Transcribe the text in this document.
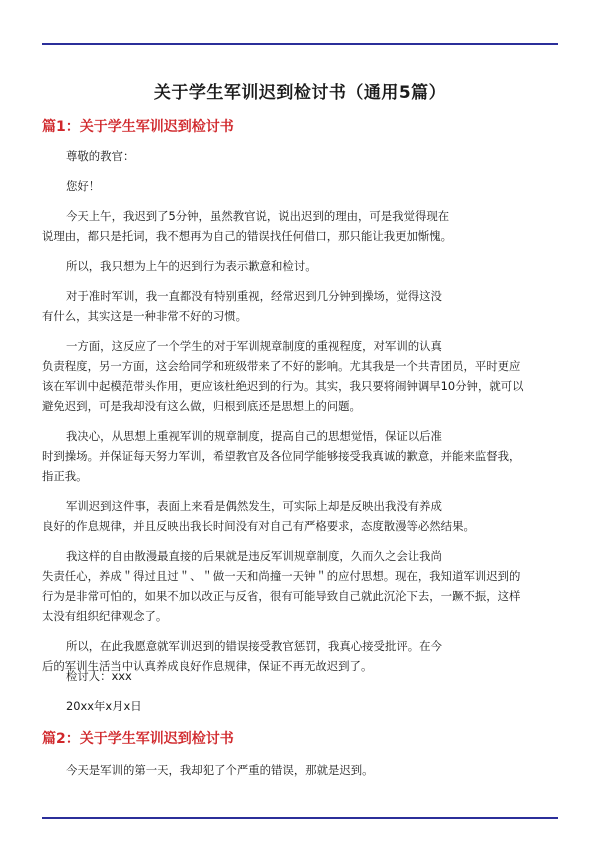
关于学生军训迟到检讨书（通用5篇）
篇1：关于学生军训迟到检讨书
尊敬的教官：
您好！
今天上午，我迟到了5分钟，虽然教官说，说出迟到的理由，可是我觉得现在
说理由，都只是托词，我不想再为自己的错误找任何借口，那只能让我更加惭愧。
所以，我只想为上午的迟到行为表示歉意和检讨。
对于准时军训，我一直都没有特别重视，经常迟到几分钟到操场，觉得这没
有什么，其实这是一种非常不好的习惯。
一方面，这反应了一个学生的对于军训规章制度的重视程度，对军训的认真
负责程度，另一方面，这会给同学和班级带来了不好的影响。尤其我是一个共青团员，平时更应
该在军训中起模范带头作用，更应该杜绝迟到的行为。其实，我只要将闹钟调早10分钟，就可以
避免迟到，可是我却没有这么做，归根到底还是思想上的问题。
我决心，从思想上重视军训的规章制度，提高自己的思想觉悟，保证以后准
时到操场。并保证每天努力军训，希望教官及各位同学能够接受我真诚的歉意，并能来监督我，
指正我。
军训迟到这件事，表面上来看是偶然发生，可实际上却是反映出我没有养成
良好的作息规律，并且反映出我长时间没有对自己有严格要求，态度散漫等必然结果。
我这样的自由散漫最直接的后果就是违反军训规章制度，久而久之会让我尚
失责任心，养成＂得过且过＂、＂做一天和尚撞一天钟＂的应付思想。现在，我知道军训迟到的
行为是非常可怕的，如果不加以改正与反省，很有可能导致自己就此沉沦下去，一蹶不振，这样
太没有组织纪律观念了。
所以，在此我愿意就军训迟到的错误接受教官惩罚，我真心接受批评。在今
后的军训生活当中认真养成良好作息规律，保证不再无故迟到了。
检讨人：xxx
20xx年x月x日
篇2：关于学生军训迟到检讨书
今天是军训的第一天，我却犯了个严重的错误，那就是迟到。
